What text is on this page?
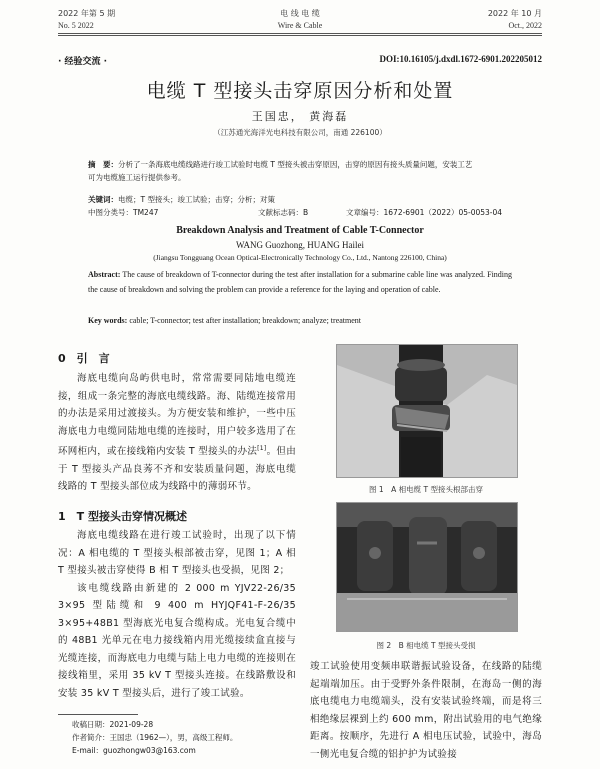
2022 年第 5 期	电 线 电 缆	2022 年 10 月
No. 5 2022	Wire & Cable	Oct., 2022
· 经验交流 ·	DOI:10.16105/j.dxdl.1672-6901.202205012
电缆 T 型接头击穿原因分析和处置
王国忠， 黄海磊
（江苏通光海洋光电科技有限公司，南通 226100）
摘　要：分析了一条海底电缆线路进行竣工试验时电缆 T 型接头被击穿原因，击穿的原因有接头质量问题，安装工艺
可为电缆施工运行提供参考。
关键词：电缆；T 型接头；竣工试验；击穿；分析；对策
中图分类号：TM247	文献标志码：B	文章编号：1672-6901（2022）05-0053-04
Breakdown Analysis and Treatment of Cable T-Connector
WANG Guozhong, HUANG Hailei
(Jiangsu Tongguang Ocean Optical-Electronically Technology Co., Ltd., Nantong 226100, China)
Abstract: The cause of breakdown of T-connector during the test after installation for a submarine cable line was analyzed. Finding the cause of breakdown and solving the problem can provide a reference for the laying and operation of cable.
Key words: cable; T-connector; test after installation; breakdown; analyze; treatment
0　引　言

海底电缆向岛屿供电时，常常需要同陆地电缆连接，组成一条完整的海底电缆线路。海、陆缆连接常用的办法是采用过渡接头。为方便安装和维护，一些中压海底电力电缆同陆地电缆的连接时，用户较多选用了在环网柜内，或在接线箱内安装 T 型接头的办法[1]。但由于 T 型接头产品良莠不齐和安装质量问题，海底电缆线路的 T 型接头部位成为线路中的薄弱环节。

1　T 型接头击穿情况概述

海底电缆线路在进行竣工试验时，出现了以下情况：A 相电缆的 T 型接头根部被击穿，见图 1；A 相 T 型接头被击穿使得 B 相 T 型接头也受损，见图 2；

该电缆线路由新建的 2 000 m YJV22-26/35 3×95 型陆缆和 9 400 m HYJQF41-F-26/35 3×95+48B1 型海底光电复合缆构成。光电复合缆中的 48B1 光单元在电力接线箱内用光缆接续盒直接与光缆连接，而海底电力电缆与陆上电力电缆的连接则在接线箱里，采用 35 kV T 型接头连接。在线路敷设和安装 35 kV T 型接头后，进行了竣工试验。

收稿日期：2021-09-28
作者简介：王国忠（1962—），男，高级工程师。
E-mail：guozhongw03@163.com
图 1　A 相电缆 T 型接头根部击穿
图 2　B 相电缆 T 型接头受损

竣工试验使用变频串联谐振试验设备，在线路的陆缆起端端加压。由于受野外条件限制，在海岛一侧的海底电缆电力电缆端头，没有安装试验终端，而是将三相绝缘层裸到上约 600 mm，附出试验用的电气绝缘距离。按顺序，先进行 A 相电压试验，试验中，海岛一侧光电复合缆的铝护护为试验接
